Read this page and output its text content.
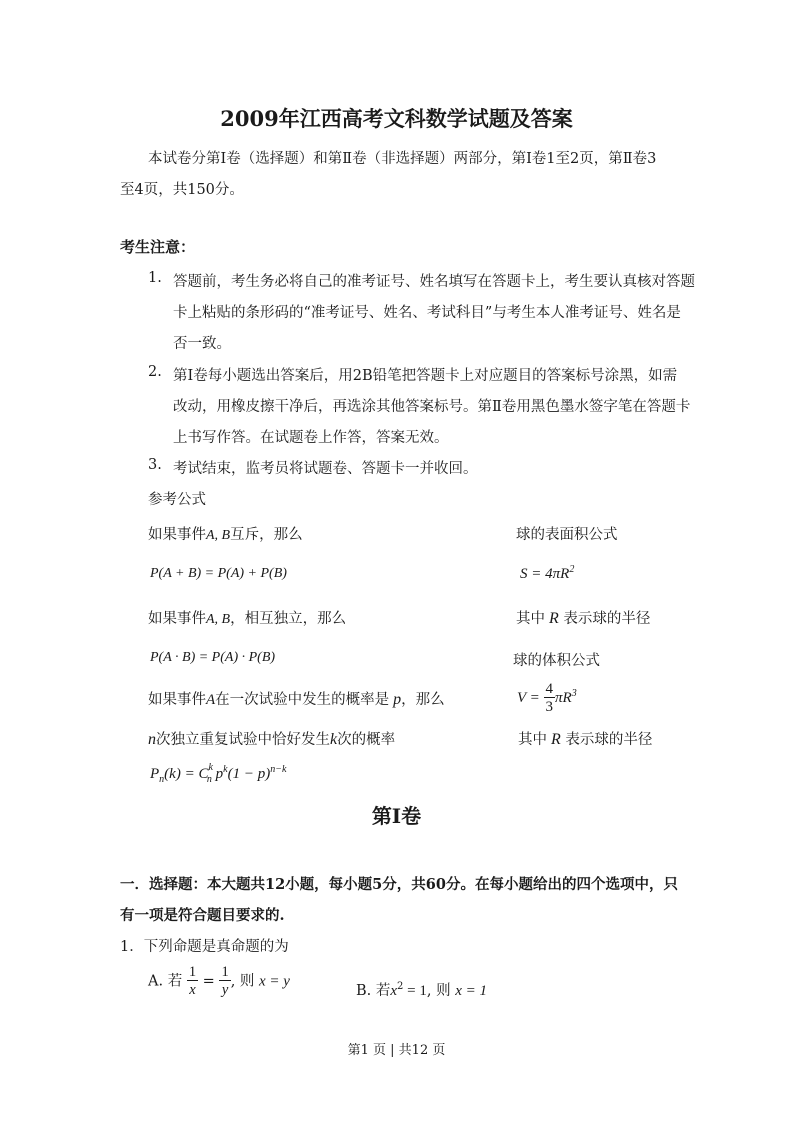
2009年江西高考文科数学试题及答案
本试卷分第Ⅰ卷（选择题）和第Ⅱ卷（非选择题）两部分，第Ⅰ卷1至2页，第Ⅱ卷3
至4页，共150分。
考生注意：
1. 答题前，考生务必将自己的准考证号、姓名填写在答题卡上，考生要认真核对答题
卡上粘贴的条形码的“准考证号、姓名、考试科目”与考生本人准考证号、姓名是
否一致。
2. 第Ⅰ卷每小题选出答案后，用2B铅笔把答题卡上对应题目的答案标号涂黑，如需
改动，用橡皮擦干净后，再选涂其他答案标号。第Ⅱ卷用黑色墨水签字笔在答题卡
上书写作答。在试题卷上作答，答案无效。
3. 考试结束，监考员将试题卷、答题卡一并收回。
参考公式
如果事件A, B互斥，那么
P(A + B) = P(A) + P(B)
如果事件A, B，相互独立，那么
P(A · B) = P(A) · P(B)
如果事件A在一次试验中发生的概率是 p，那么
n次独立重复试验中恰好发生k次的概率
$P_n(k) = C^k_n$ $p^k(1 - p)^{n-k}$
球的表面积公式
$S = 4\pi R^2$
其中 R 表示球的半径
球的体积公式
$V = \frac{4}{3} \pi R^3$
其中 R 表示球的半径
第Ⅰ卷
一．选择题：本大题共12小题，每小题5分，共60分。在每小题给出的四个选项中，只
有一项是符合题目要求的.
1．下列命题是真命题的为
A. 若 $\frac{1}{x} = \frac{1}{y}$ , 则 x = y
B. 若$x^2 = 1$, 则 x = 1
第1 页 | 共12 页
